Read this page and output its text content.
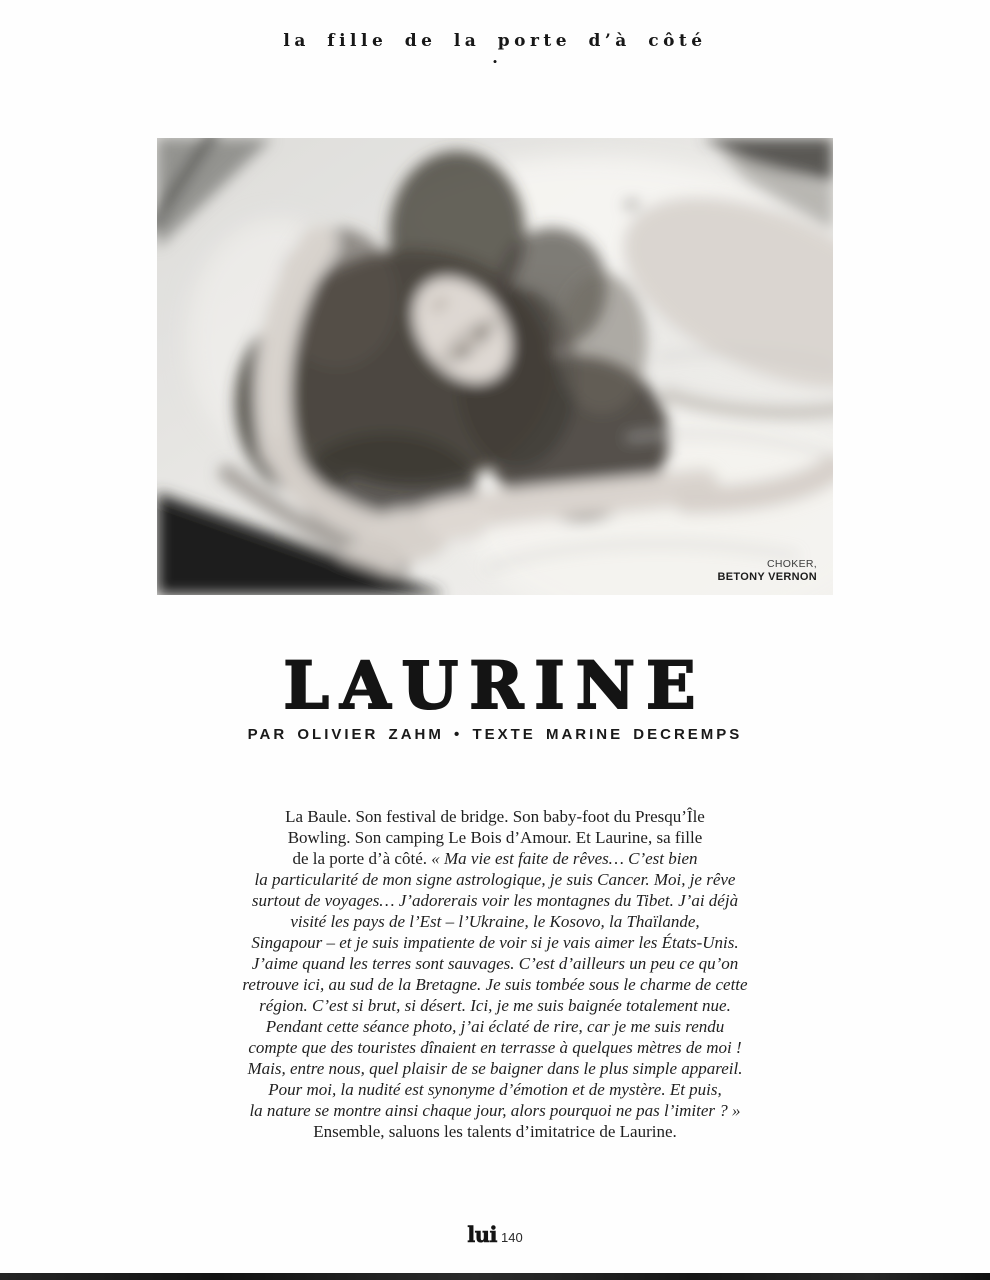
la fille de la porte d’à côté
•
CHOKER,
BETONY VERNON
LAURINE
PAR OLIVIER ZAHM • TEXTE MARINE DECREMPS
La Baule. Son festival de bridge. Son baby-foot du Presqu’Île
Bowling. Son camping Le Bois d’Amour. Et Laurine, sa fille
de la porte d’à côté. « Ma vie est faite de rêves… C’est bien
la particularité de mon signe astrologique, je suis Cancer. Moi, je rêve
surtout de voyages… J’adorerais voir les montagnes du Tibet. J’ai déjà
visité les pays de l’Est – l’Ukraine, le Kosovo, la Thaïlande,
Singapour – et je suis impatiente de voir si je vais aimer les États-Unis.
J’aime quand les terres sont sauvages. C’est d’ailleurs un peu ce qu’on
retrouve ici, au sud de la Bretagne. Je suis tombée sous le charme de cette
région. C’est si brut, si désert. Ici, je me suis baignée totalement nue.
Pendant cette séance photo, j’ai éclaté de rire, car je me suis rendu
compte que des touristes dînaient en terrasse à quelques mètres de moi !
Mais, entre nous, quel plaisir de se baigner dans le plus simple appareil.
Pour moi, la nudité est synonyme d’émotion et de mystère. Et puis,
la nature se montre ainsi chaque jour, alors pourquoi ne pas l’imiter ? »
Ensemble, saluons les talents d’imitatrice de Laurine.
lui 140
